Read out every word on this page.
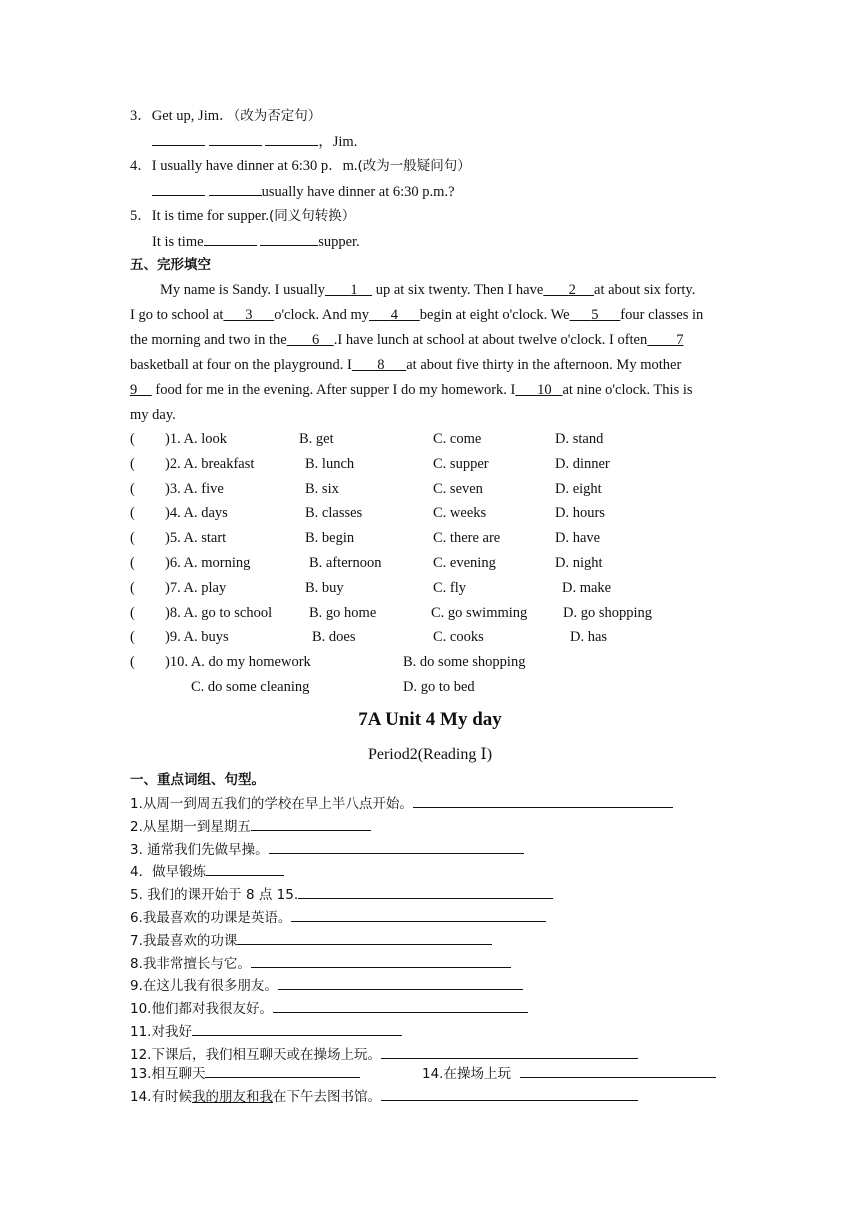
3．Get up, Jim．（改为否定句）
，Jim.
4．I usually have dinner at 6:30 p．m.(改为一般疑问句）
usually have dinner at 6:30 p.m.?
5．It is time for supper.(同义句转换）
It is time	supper.
五、完形填空
My name is Sandy. I usually 1     up at six twenty. Then I have 2 at about six forty.
I go to school at 3 o'clock. And my 4 begin at eight o'clock. We 5 four classes in
the morning and two in the 6 .I have lunch at school at about twelve o'clock. I often 7
basketball at four on the playground. I 8 at about five thirty in the afternoon. My mother
9     food for me in the evening. After supper I do my homework. I 10 at nine o'clock. This is
my day.
( )1. A. look	B. get	C. come	D. stand
( )2. A. breakfast	B. lunch	C. supper	D. dinner
( )3. A. five	B. six	C. seven	D. eight
( )4. A. days	B. classes	C. weeks	D. hours
( )5. A. start	B. begin	C. there are	D. have
( )6. A. morning	B. afternoon	C. evening	D. night
( )7. A. play	B. buy	C. fly	D. make
( )8. A. go to school	B. go home	C. go swimming D. go shopping
( )9. A. buys	B. does	C. cooks	D. has
( )10. A. do my homework	B. do some shopping
C. do some cleaning	D. go to bed
7A Unit 4 My day
Period2(Reading Ⅰ)
一、重点词组、句型。
1.从周一到周五我们的学校在早上半八点开始。
2.从星期一到星期五
3. 通常我们先做早操。
4．做早锻炼
5. 我们的课开始于 8 点 15.
6.我最喜欢的功课是英语。
7.我最喜欢的功课
8.我非常擅长与它。
9.在这儿我有很多朋友。
10.他们都对我很友好。
11.对我好
12.下课后，我们相互聊天或在操场上玩。
13.相互聊天	14.在操场上玩
14.有时候我的朋友和我在下午去图书馆。
